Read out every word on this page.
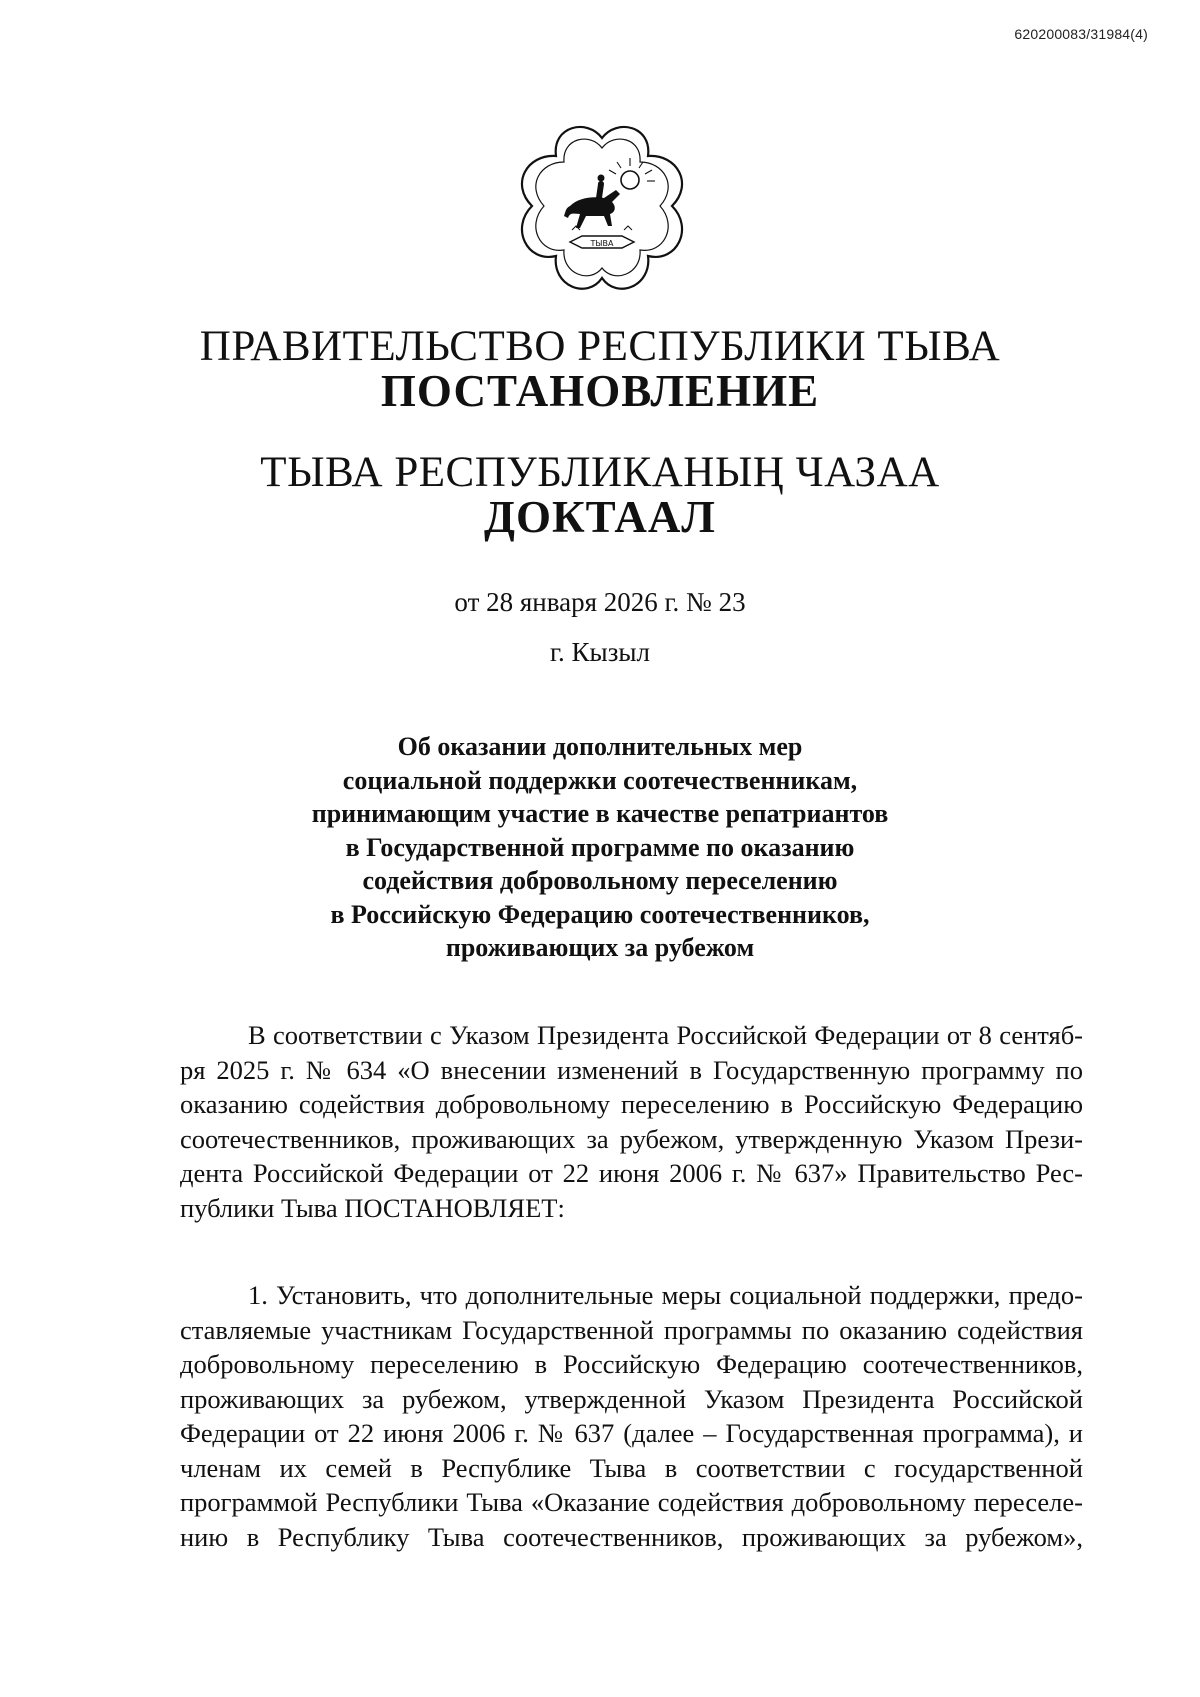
620200083/31984(4)
ТЫВА
ПРАВИТЕЛЬСТВО РЕСПУБЛИКИ ТЫВА
ПОСТАНОВЛЕНИЕ
ТЫВА РЕСПУБЛИКАНЫҢ ЧАЗАА
ДОКТААЛ
от 28 января 2026 г. № 23
г. Кызыл
Об оказании дополнительных мер
социальной поддержки соотечественникам,
принимающим участие в качестве репатриантов
в Государственной программе по оказанию
содействия добровольному переселению
в Российскую Федерацию соотечественников,
проживающих за рубежом
В соответствии с Указом Президента Российской Федерации от 8 сентяб-
ря 2025 г. № 634 «О внесении изменений в Государственную программу по
оказанию содействия добровольному переселению в Российскую Федерацию
соотечественников, проживающих за рубежом, утвержденную Указом Прези-
дента Российской Федерации от 22 июня 2006 г. № 637» Правительство Рес-
публики Тыва ПОСТАНОВЛЯЕТ:
1. Установить, что дополнительные меры социальной поддержки, предо-
ставляемые участникам Государственной программы по оказанию содействия
добровольному переселению в Российскую Федерацию соотечественников,
проживающих за рубежом, утвержденной Указом Президента Российской
Федерации от 22 июня 2006 г. № 637 (далее – Государственная программа), и
членам их семей в Республике Тыва в соответствии с государственной
программой Республики Тыва «Оказание содействия добровольному переселе-
нию в Республику Тыва соотечественников, проживающих за рубежом»,
